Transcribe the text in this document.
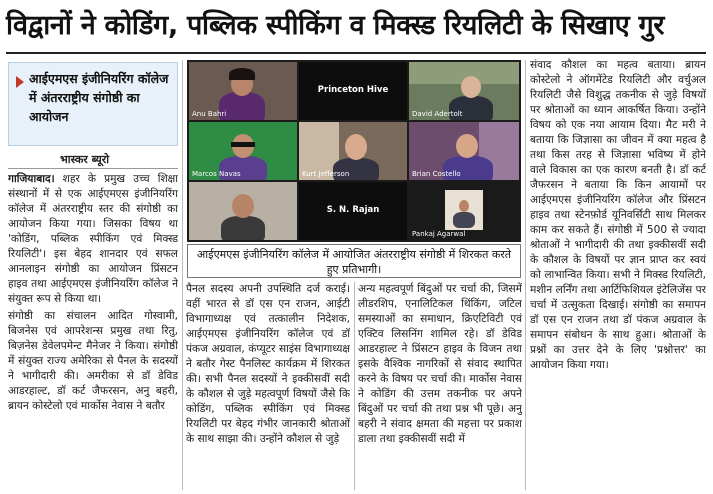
विद्वानों ने कोडिंग, पब्लिक स्पीकिंग व मिक्स्ड रियलिटी के सिखाए गुर
आईएमएस इंजीनियरिंग कॉलेज में अंतरराष्ट्रीय संगोष्ठी का आयोजन
भास्कर ब्यूरो

गाजियाबाद। शहर के प्रमुख उच्च शिक्षा संस्थानों में से एक आईएमएस इंजीनियरिंग कॉलेज में अंतरराष्ट्रीय स्तर की संगोष्ठी का आयोजन किया गया। जिसका विषय था 'कोडिंग, पब्लिक स्पीकिंग एवं मिक्स्ड रियलिटी'। इस बेहद शानदार एवं सफल आनलाइन संगोष्ठी का आयोजन प्रिंसटन हाइव तथा आईएमएस इंजीनियरिंग कॉलेज ने संयुक्त रूप से किया था।

संगोष्ठी का संचालन आदित गोस्वामी, बिजनेस एवं आपरेशन्स प्रमुख तथा रितु, बिज़नेस डेवेलपमेन्ट मैनेजर ने किया। संगोष्ठी में संयुक्त राज्य अमेरिका से पैनल के सदस्यों ने भागीदारी की। अमरीका से डॉ डेविड आडरहाल्ट, डॉ कर्ट जैफरसन, अनु बहरी, ब्रायन कोस्टेलो एवं मार्कोस नेवास ने बतौर

Anu Bahri
Princeton Hive
David Adertolt
Marcos Navas	Kurt Jefferson	Brian Costello
S. N. Rajan
Pankaj Agarwal
आईएमएस इंजीनियरिंग कॉलेज में आयोजित अंतरराष्ट्रीय संगोष्ठी में शिरकत करते हुए प्रतिभागी।

पैनल सदस्य अपनी उपस्थिति दर्ज कराई। वहीं भारत से डॉ एस एन राजन, आईटी विभागाध्यक्ष एवं तत्कालीन निदेशक, आईएमएस इंजीनियरिंग कॉलेज एवं डॉ पंकज अग्रवाल, कंप्यूटर साइंस विभागाध्यक्ष ने बतौर गेस्ट पैनलिस्ट कार्यक्रम में शिरकत की। सभी पैनल सदस्यों ने इक्कीसवीं सदी के कौशल से जुड़े महत्वपूर्ण विषयों जैसे कि कोडिंग, पब्लिक स्पीकिंग एवं मिक्स्ड रियलिटी पर बेहद गंभीर जानकारी श्रोताओं के साथ साझा की। उन्होंने कौशल से जुड़े

अन्य महत्वपूर्ण बिंदुओं पर चर्चा की, जिसमें लीडरशिप, एनालिटिकल थिंकिंग, जटिल समस्याओं का समाधान, क्रिएटिविटी एवं एक्टिव लिसनिंग शामिल रहे। डॉ डेविड आडरहाल्ट ने प्रिंसटन हाइव के विजन तथा इसके वैश्विक नागरिकों से संवाद स्थापित करने के विषय पर चर्चा की। मार्कोस नेवास ने कोडिंग की उत्तम तकनीक पर अपने बिंदुओं पर चर्चा की तथा प्रश्न भी पूछे। अनु बहरी ने संवाद क्षमता की महत्ता पर प्रकाश डाला तथा इक्कीसवीं सदी में

संवाद कौशल का महत्व बताया। ब्रायन कोस्टेलो ने ऑगमेंटेड रियलिटी और वर्चुअल रियलिटी जैसे विशुद्ध तकनीक से जुड़े विषयों पर श्रोताओं का ध्यान आकर्षित किया। उन्होंने विषय को एक नया आयाम दिया। मैट मरी ने बताया कि जिज्ञासा का जीवन में क्या महत्व है तथा किस तरह से जिज्ञासा भविष्य में होने वाले विकास का एक कारण बनती है। डॉ कर्ट जैफरसन ने बताया कि किन आयामों पर आईएमएस इंजीनियरिंग कॉलेज और प्रिंसटन हाइव तथा स्टेनफ़ोर्ड यूनिवर्सिटी साथ मिलकर काम कर सकते हैं। संगोष्ठी में 500 से ज्यादा श्रोताओं ने भागीदारी की तथा इक्कीसवीं सदी के कौशल के विषयों पर ज्ञान प्राप्त कर स्वयं को लाभान्वित किया। सभी ने मिक्स्ड रियलिटी, मशीन लर्निंग तथा आर्टिफिशियल इंटेलिजेंस पर चर्चा में उत्सुकता दिखाई। संगोष्ठी का समापन डॉ एस एन राजन तथा डॉ पंकज अग्रवाल के समापन संबोधन के साथ हुआ। श्रोताओं के प्रश्नों का उत्तर देने के लिए 'प्रश्नोत्तर' का आयोजन किया गया।
